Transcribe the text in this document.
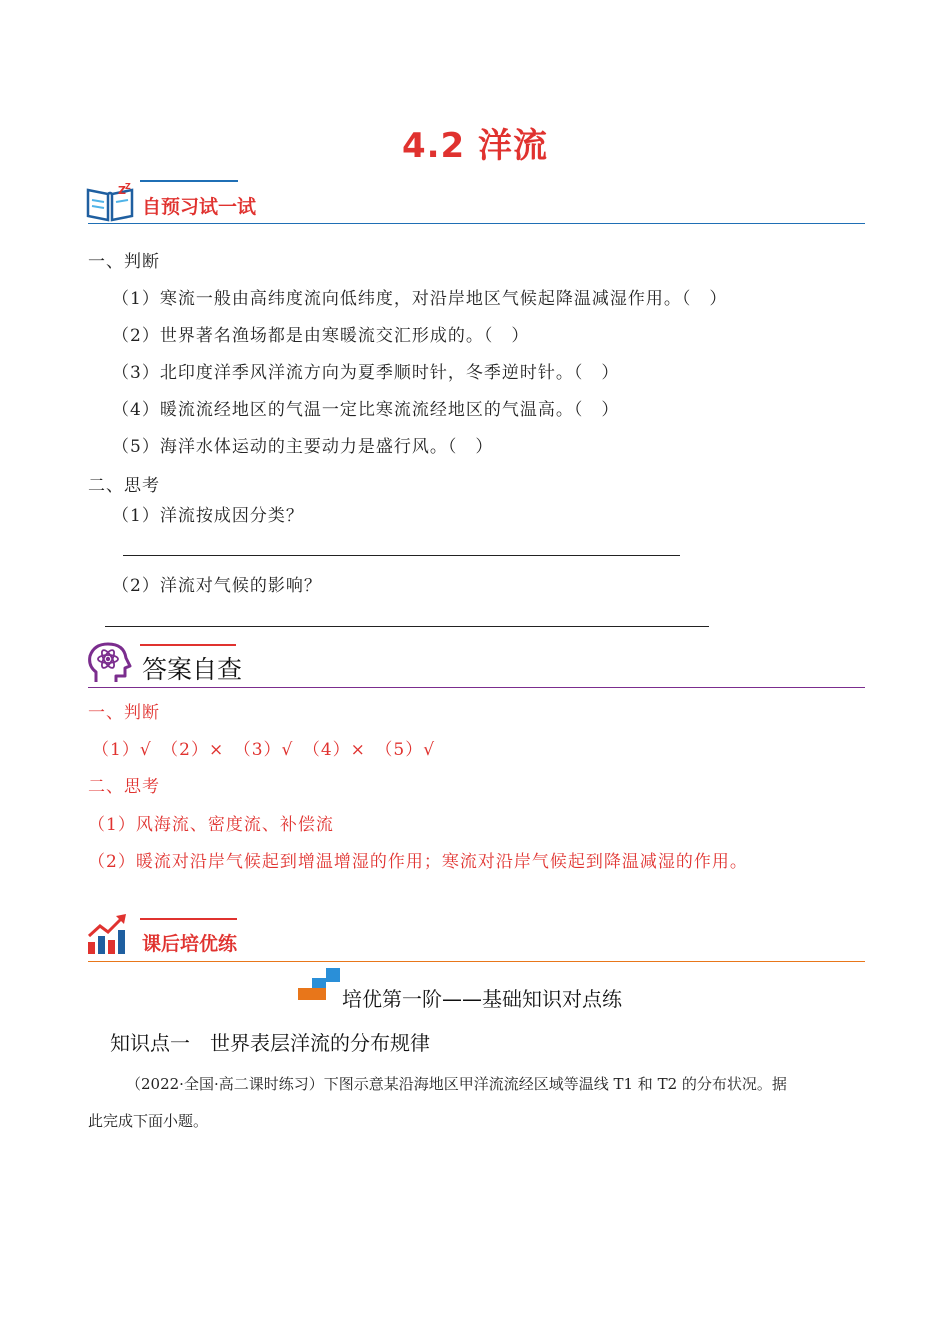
4.2 洋流
Z Z
自预习试一试
一、判断
（1）寒流一般由高纬度流向低纬度，对沿岸地区气候起降温减湿作用。（　）
（2）世界著名渔场都是由寒暖流交汇形成的。（　）
（3）北印度洋季风洋流方向为夏季顺时针，冬季逆时针。（　）
（4）暖流流经地区的气温一定比寒流流经地区的气温高。（　）
（5）海洋水体运动的主要动力是盛行风。（　）
二、思考
（1）洋流按成因分类？
（2）洋流对气候的影响？
答案自查
一、判断
（1）√　（2）×　（3）√　（4）×　（5）√
二、思考
（1）风海流、密度流、补偿流
（2）暖流对沿岸气候起到增温增湿的作用；寒流对沿岸气候起到降温减湿的作用。
课后培优练
培优第一阶——基础知识对点练
知识点一　世界表层洋流的分布规律
（2022·全国·高二课时练习）下图示意某沿海地区甲洋流流经区域等温线 T1 和 T2 的分布状况。据
此完成下面小题。
